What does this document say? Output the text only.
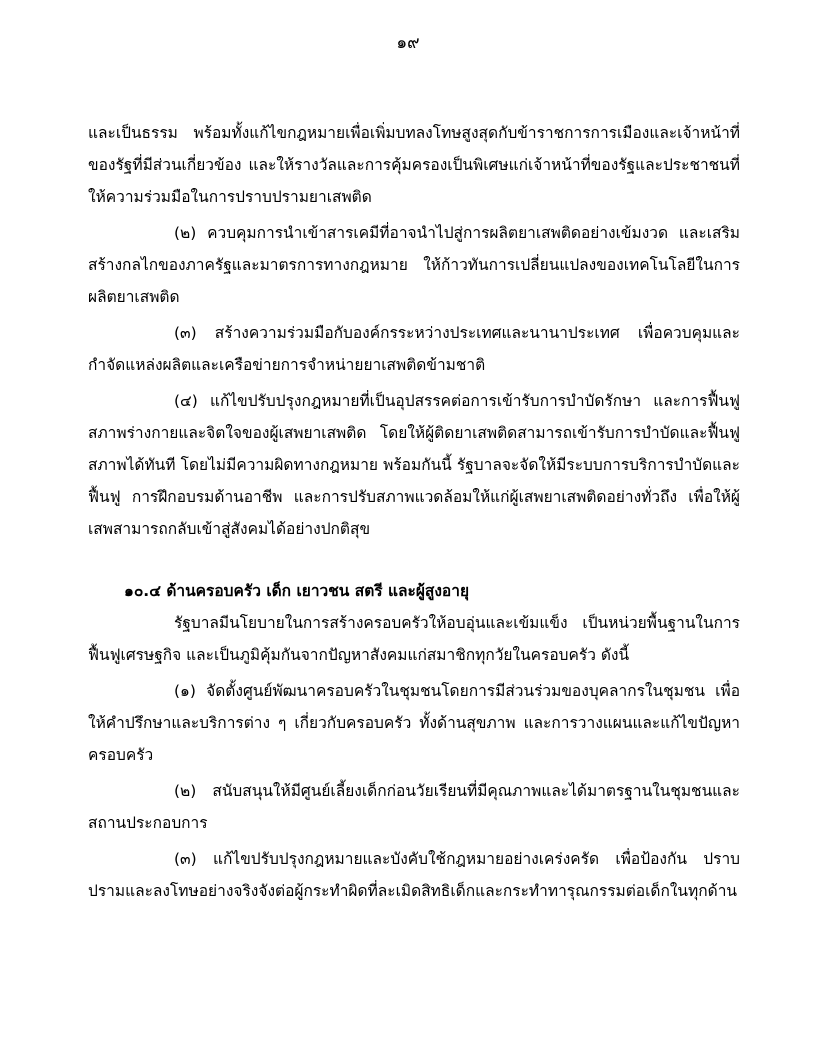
๑๙

และเป็นธรรม พร้อมทั้งแก้ไขกฎหมายเพื่อเพิ่มบทลงโทษสูงสุดกับข้าราชการการเมืองและเจ้าหน้าที่ของรัฐที่มีส่วนเกี่ยวข้อง และให้รางวัลและการคุ้มครองเป็นพิเศษแก่เจ้าหน้าที่ของรัฐและประชาชนที่ให้ความร่วมมือในการปราบปรามยาเสพติด

(๒) ควบคุมการนำเข้าสารเคมีที่อาจนำไปสู่การผลิตยาเสพติดอย่างเข้มงวด และเสริมสร้างกลไกของภาครัฐและมาตรการทางกฎหมาย ให้ก้าวทันการเปลี่ยนแปลงของเทคโนโลยีในการผลิตยาเสพติด

(๓) สร้างความร่วมมือกับองค์กรระหว่างประเทศและนานาประเทศ เพื่อควบคุมและกำจัดแหล่งผลิตและเครือข่ายการจำหน่ายยาเสพติดข้ามชาติ

(๔) แก้ไขปรับปรุงกฎหมายที่เป็นอุปสรรคต่อการเข้ารับการบำบัดรักษา และการฟื้นฟูสภาพร่างกายและจิตใจของผู้เสพยาเสพติด โดยให้ผู้ติดยาเสพติดสามารถเข้ารับการบำบัดและฟื้นฟูสภาพได้ทันที โดยไม่มีความผิดทางกฎหมาย พร้อมกันนี้ รัฐบาลจะจัดให้มีระบบการบริการบำบัดและฟื้นฟู การฝึกอบรมด้านอาชีพ และการปรับสภาพแวดล้อมให้แก่ผู้เสพยาเสพติดอย่างทั่วถึง เพื่อให้ผู้เสพสามารถกลับเข้าสู่สังคมได้อย่างปกติสุข

๑๐.๔ ด้านครอบครัว เด็ก เยาวชน สตรี และผู้สูงอายุ

รัฐบาลมีนโยบายในการสร้างครอบครัวให้อบอุ่นและเข้มแข็ง เป็นหน่วยพื้นฐานในการฟื้นฟูเศรษฐกิจ และเป็นภูมิคุ้มกันจากปัญหาสังคมแก่สมาชิกทุกวัยในครอบครัว ดังนี้

(๑) จัดตั้งศูนย์พัฒนาครอบครัวในชุมชนโดยการมีส่วนร่วมของบุคลากรในชุมชน เพื่อให้คำปรึกษาและบริการต่าง ๆ เกี่ยวกับครอบครัว ทั้งด้านสุขภาพ และการวางแผนและแก้ไขปัญหาครอบครัว

(๒) สนับสนุนให้มีศูนย์เลี้ยงเด็กก่อนวัยเรียนที่มีคุณภาพและได้มาตรฐานในชุมชนและสถานประกอบการ

(๓) แก้ไขปรับปรุงกฎหมายและบังคับใช้กฎหมายอย่างเคร่งครัด เพื่อป้องกัน ปราบปรามและลงโทษอย่างจริงจังต่อผู้กระทำผิดที่ละเมิดสิทธิเด็กและกระทำทารุณกรรมต่อเด็กในทุกด้าน
